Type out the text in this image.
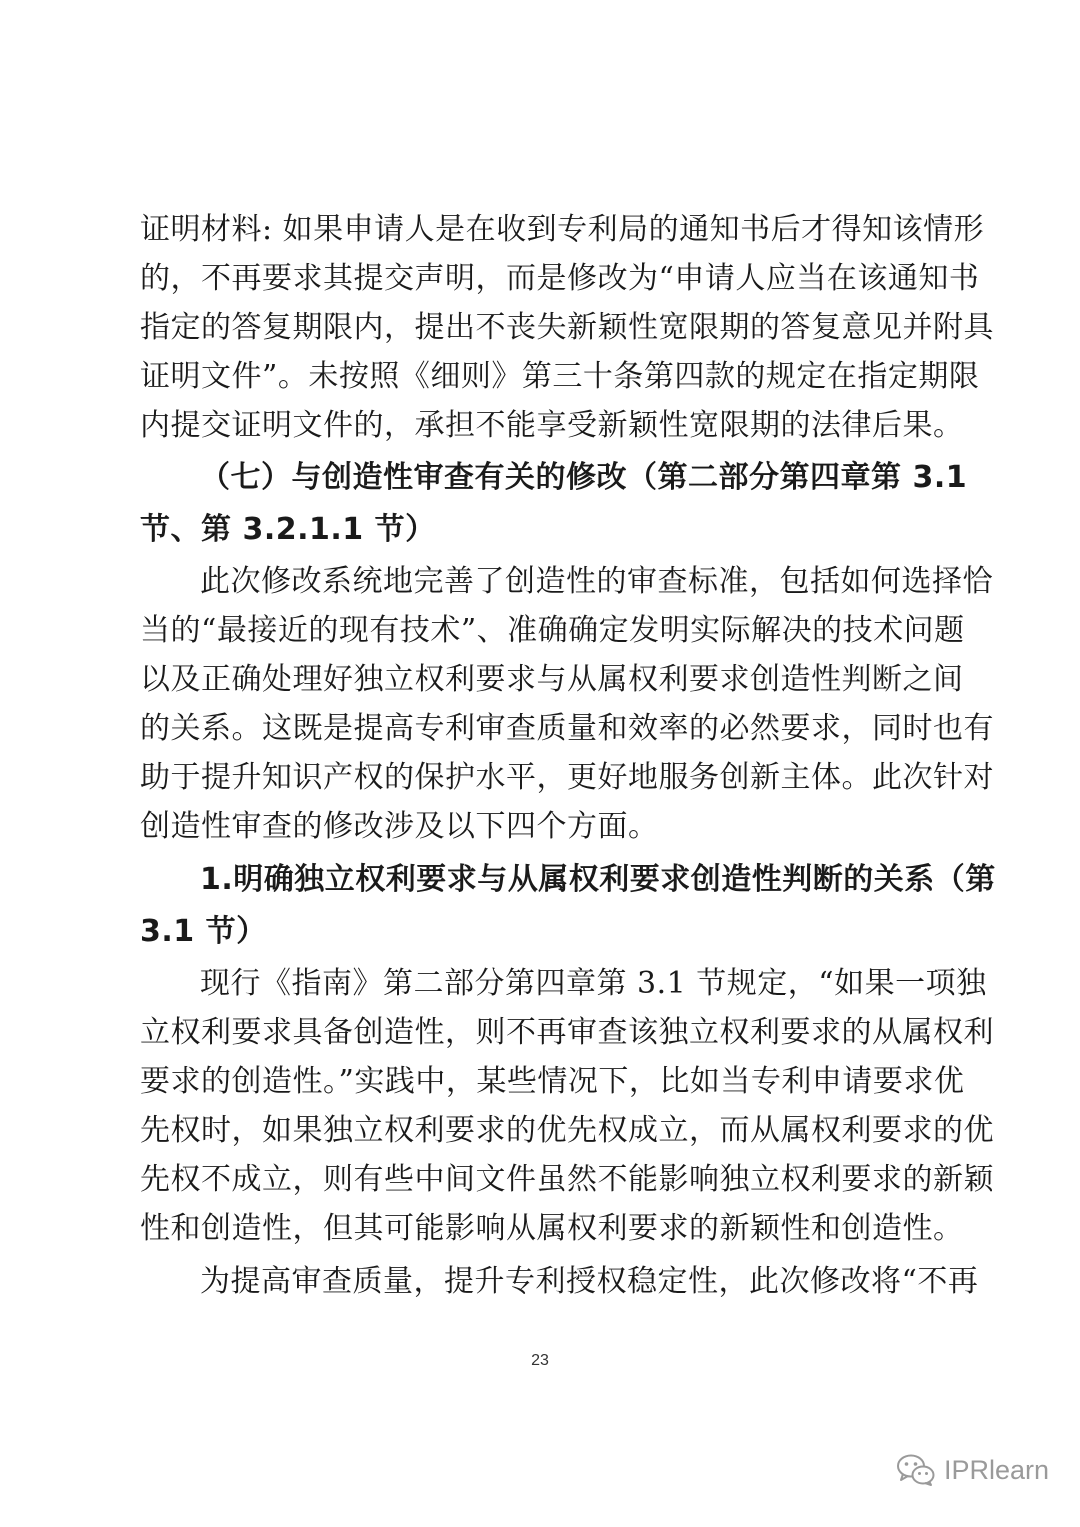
证明材料: 如果申请人是在收到专利局的通知书后才得知该情形
的，不再要求其提交声明，而是修改为“申请人应当在该通知书
指定的答复期限内，提出不丧失新颖性宽限期的答复意见并附具
证明文件”。未按照《细则》第三十条第四款的规定在指定期限
内提交证明文件的，承担不能享受新颖性宽限期的法律后果。
（七）与创造性审查有关的修改（第二部分第四章第 3.1
节、第 3.2.1.1 节）
此次修改系统地完善了创造性的审查标准，包括如何选择恰
当的“最接近的现有技术”、准确确定发明实际解决的技术问题
以及正确处理好独立权利要求与从属权利要求创造性判断之间
的关系。这既是提高专利审查质量和效率的必然要求，同时也有
助于提升知识产权的保护水平，更好地服务创新主体。此次针对
创造性审查的修改涉及以下四个方面。
1.明确独立权利要求与从属权利要求创造性判断的关系（第
3.1 节）
现行《指南》第二部分第四章第 3.1 节规定，“如果一项独
立权利要求具备创造性，则不再审查该独立权利要求的从属权利
要求的创造性。”实践中，某些情况下，比如当专利申请要求优
先权时，如果独立权利要求的优先权成立，而从属权利要求的优
先权不成立，则有些中间文件虽然不能影响独立权利要求的新颖
性和创造性，但其可能影响从属权利要求的新颖性和创造性。
为提高审查质量，提升专利授权稳定性，此次修改将“不再
23
IPRlearn
